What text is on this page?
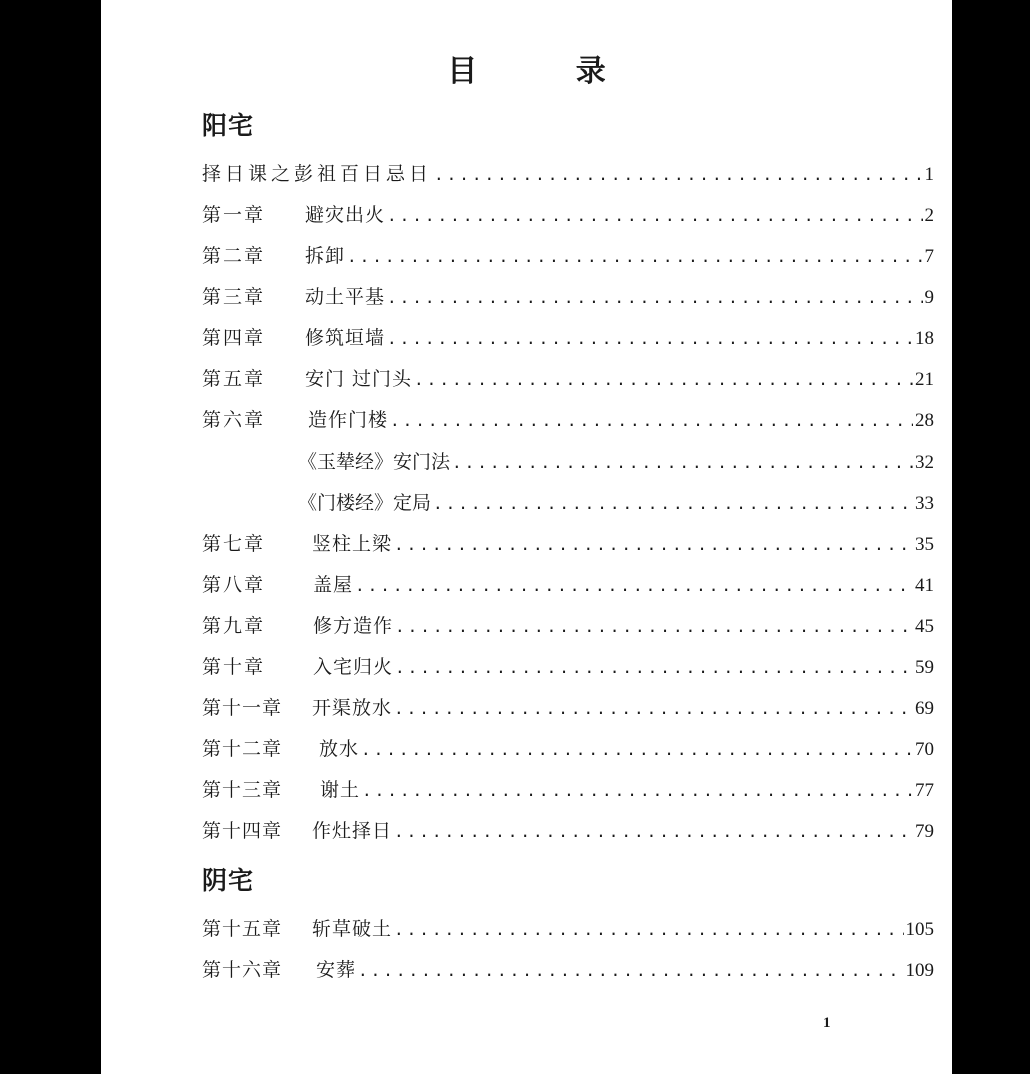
目 录
阳宅
择日课之彭祖百日忌日 .....	1
第一章	避灾出火 .....	2
第二章	拆卸 .....	7
第三章	动土平基 .....	9
第四章	修筑垣墙 .....	18
第五章	安门 过门头 .....	21
第六章	造作门楼 .....	28
《玉辇经》安门法 .....	32
《门楼经》定局 .....	33
第七章	竖柱上梁 .....	35
第八章	盖屋 .....	41
第九章	修方造作 .....	45
第十章	入宅归火 .....	59
第十一章	开渠放水 .....	69
第十二章	放水 .....	70
第十三章	谢土 .....	77
第十四章	作灶择日 .....	79
阴宅
第十五章	斩草破土 .....	105
第十六章	安葬 .....	109
1
